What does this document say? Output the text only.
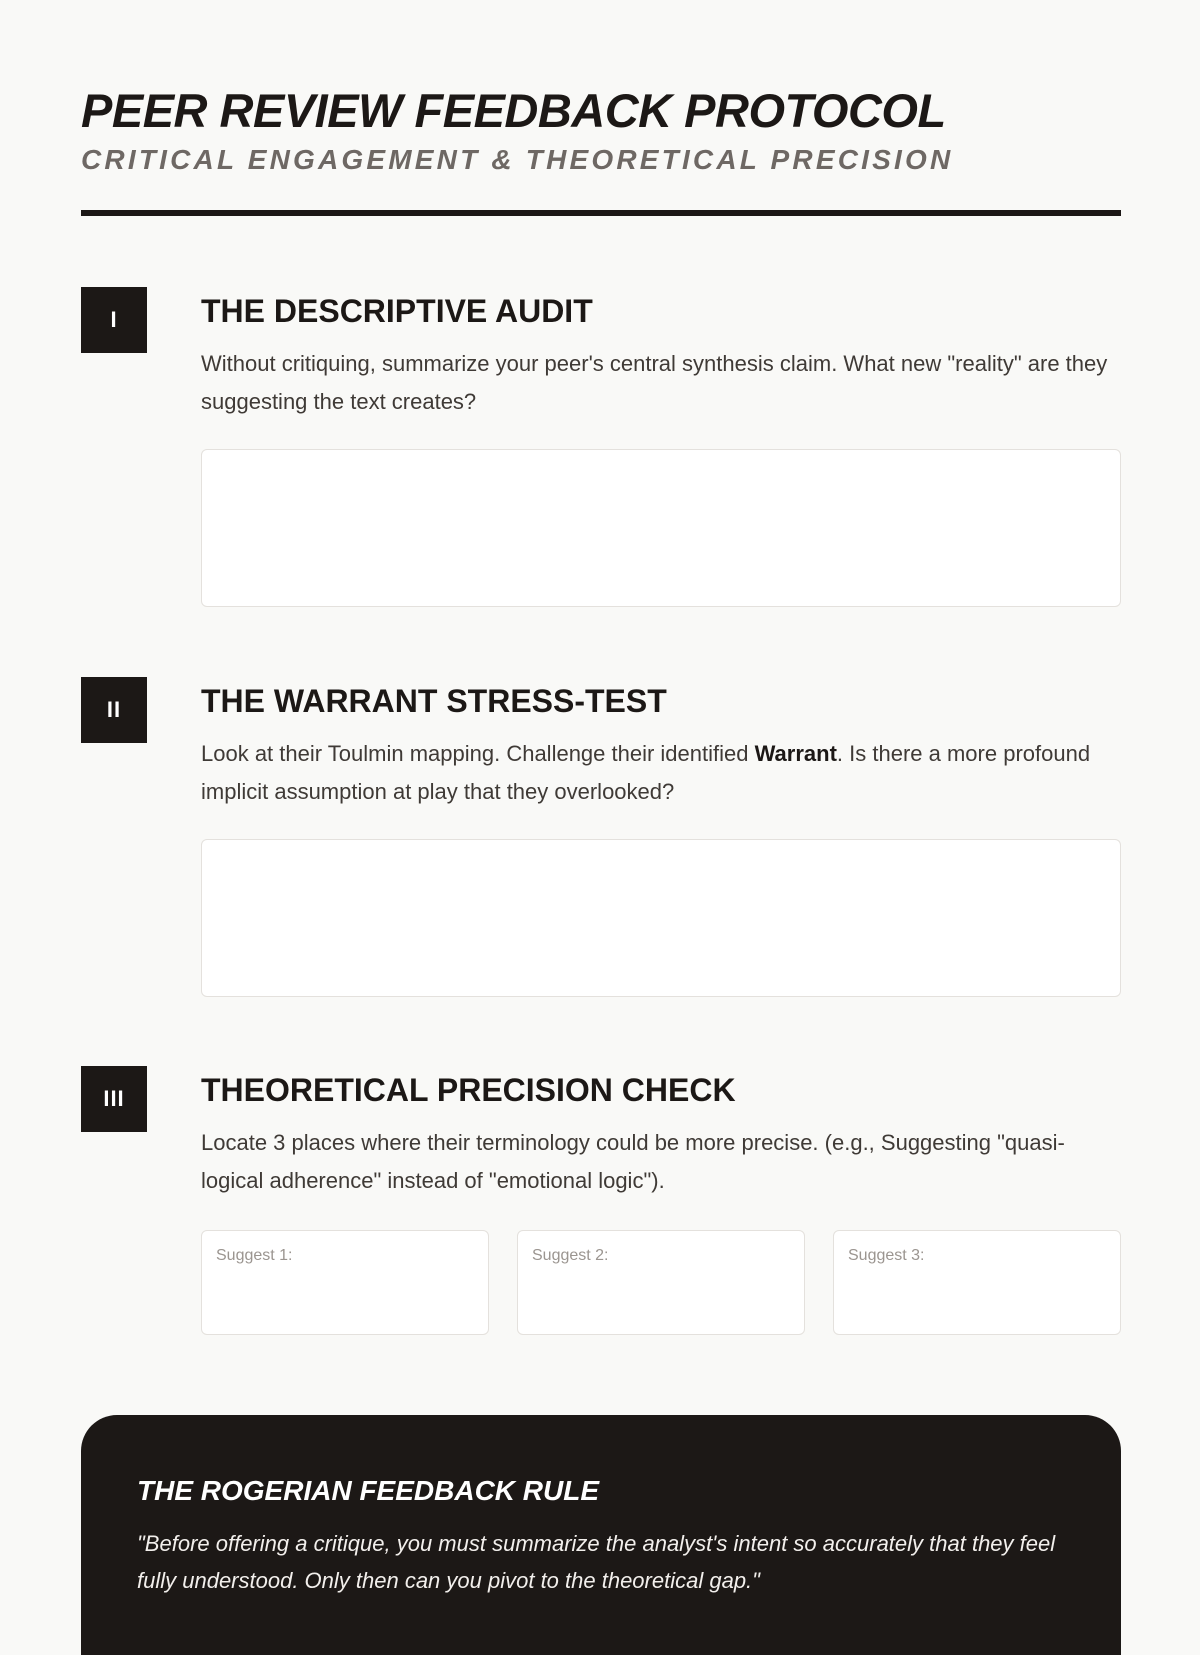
PEER REVIEW FEEDBACK PROTOCOL
CRITICAL ENGAGEMENT & THEORETICAL PRECISION
I	THE DESCRIPTIVE AUDIT

Without critiquing, summarize your peer's central synthesis claim. What new "reality" are they suggesting the text creates?

II	THE WARRANT STRESS-TEST

Look at their Toulmin mapping. Challenge their identified Warrant. Is there a more profound implicit assumption at play that they overlooked?

III	THEORETICAL PRECISION CHECK

Locate 3 places where their terminology could be more precise. (e.g., Suggesting "quasi-logical adherence" instead of "emotional logic").

Suggest 1:	Suggest 2:	Suggest 3:
THE ROGERIAN FEEDBACK RULE

"Before offering a critique, you must summarize the analyst's intent so accurately that they feel fully understood. Only then can you pivot to the theoretical gap."
